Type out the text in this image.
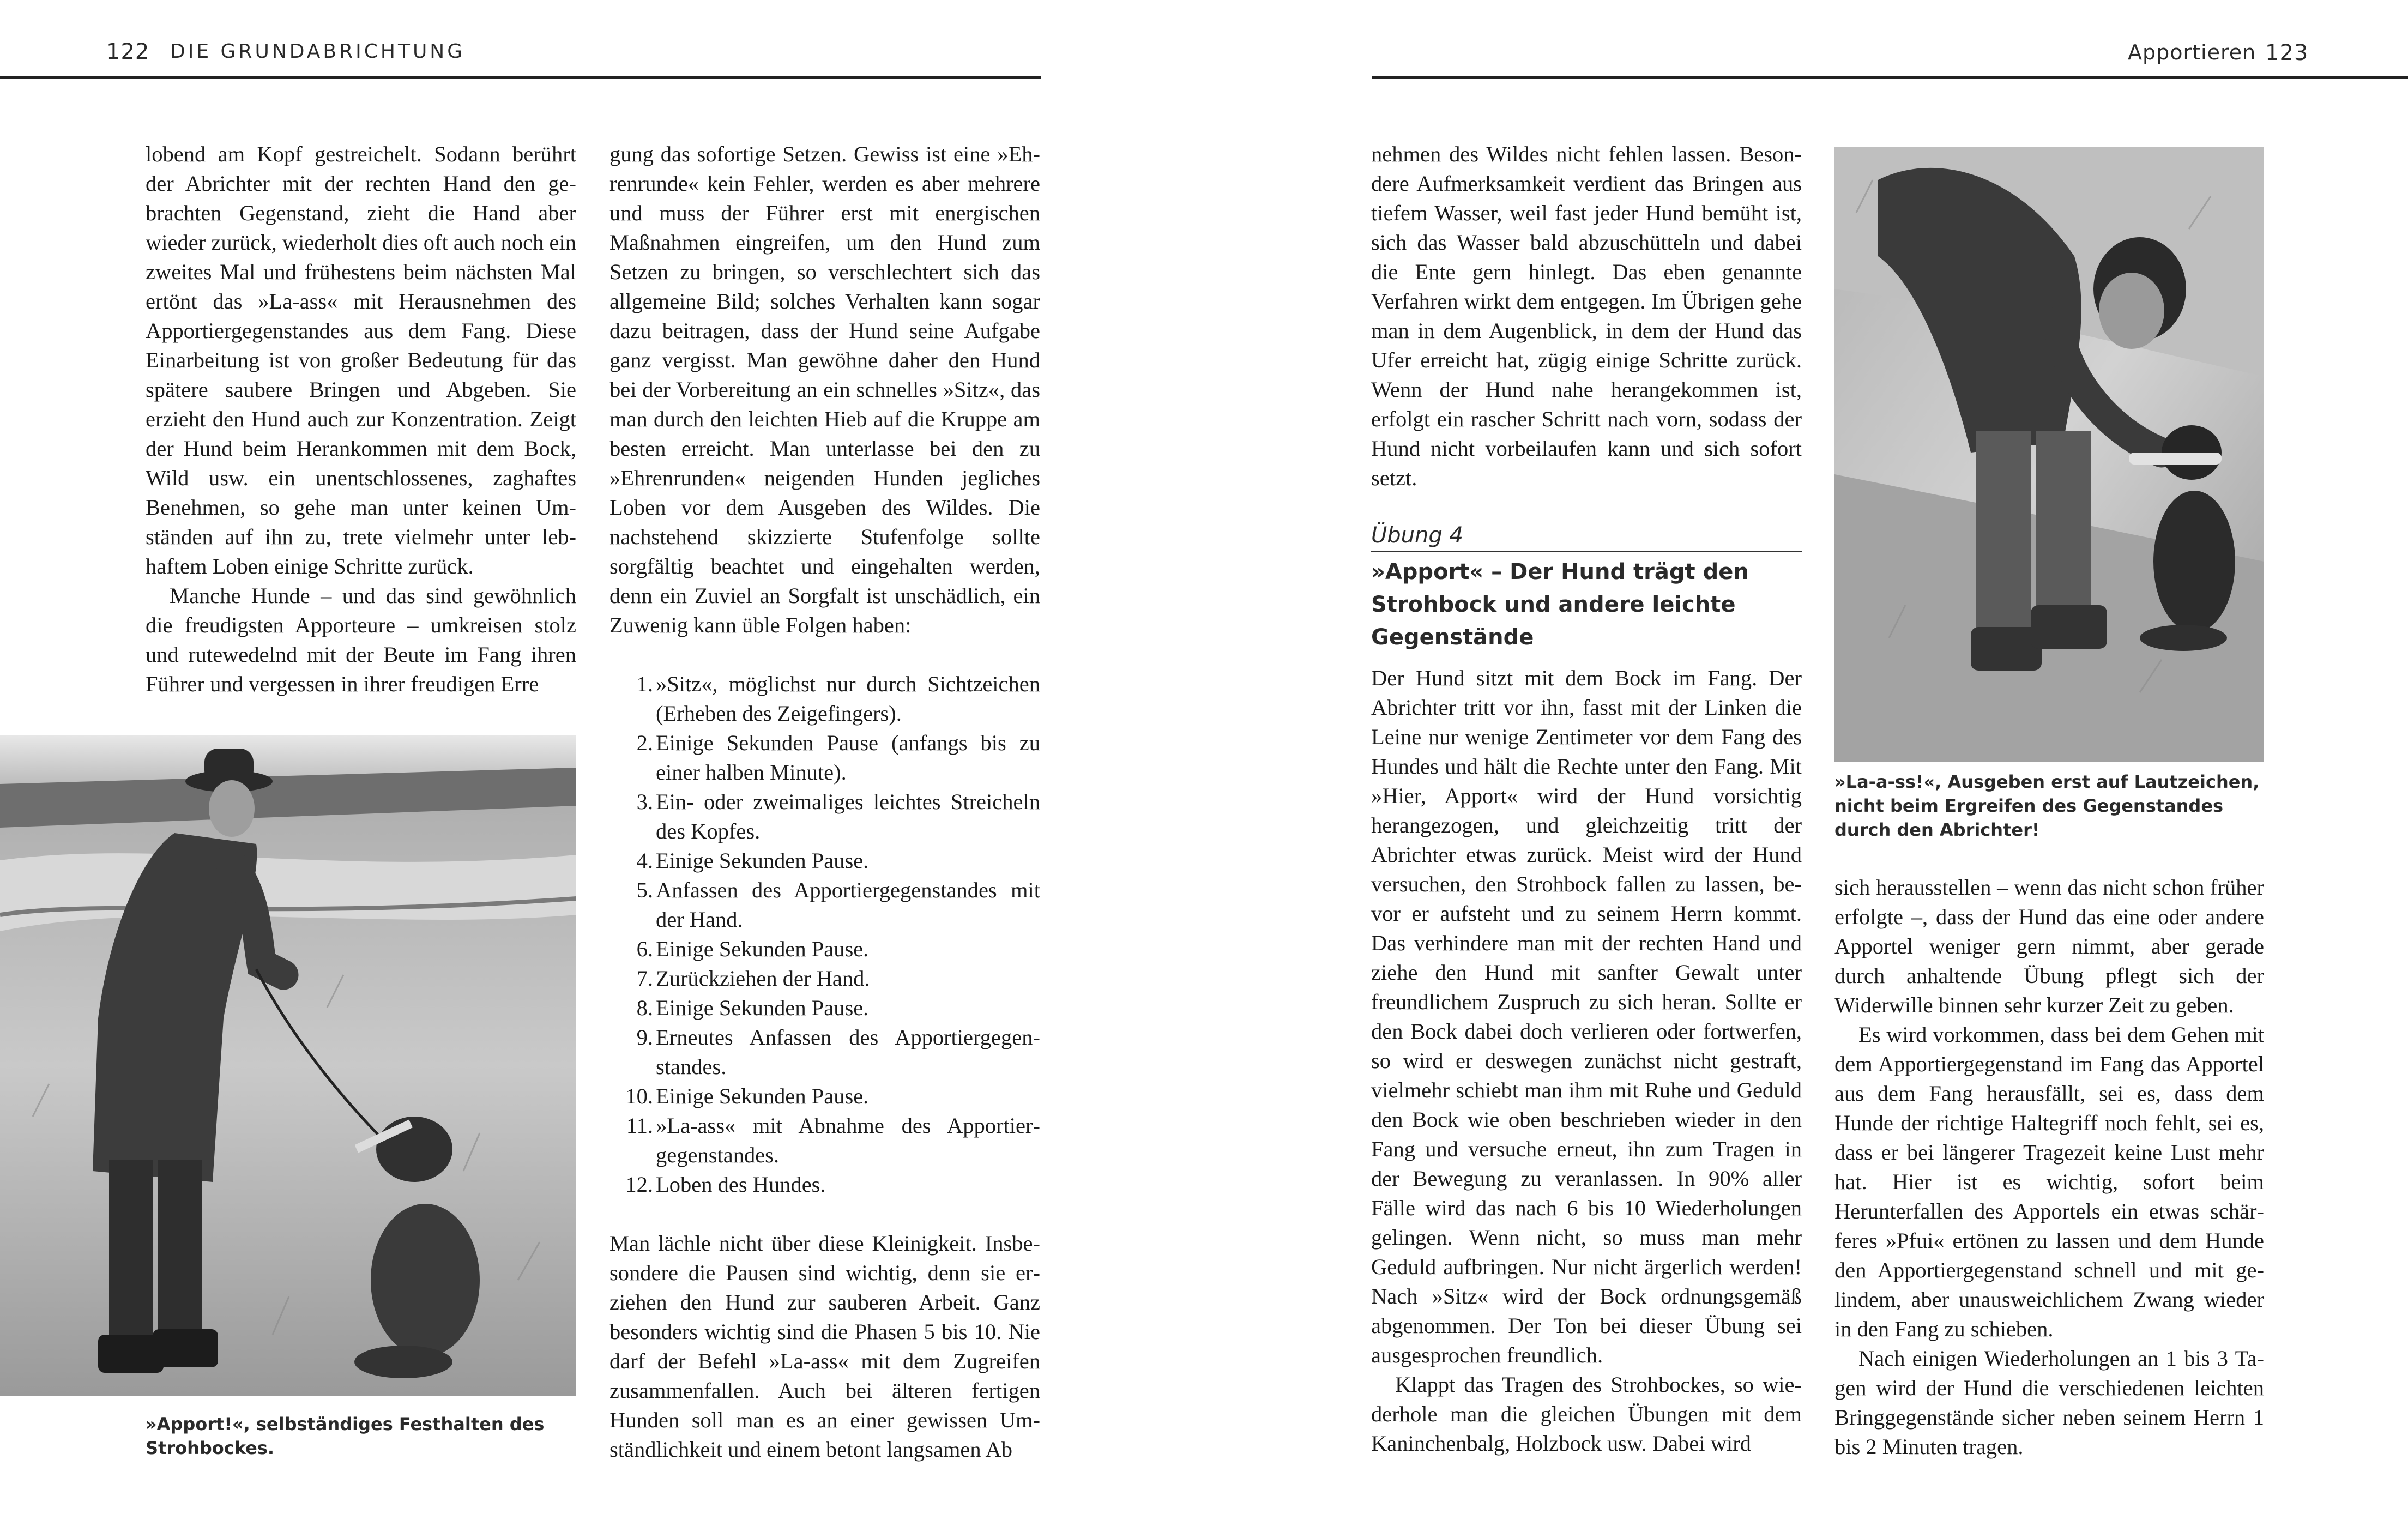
122 DIE GRUNDABRICHTUNG

lobend am Kopf gestreichelt. Sodann berührt der Abrichter mit der rechten Hand den gebrachten Gegenstand, zieht die Hand aber wieder zurück, wiederholt dies oft auch noch ein zweites Mal und frühestens beim nächsten Mal ertönt das »La-ass« mit Herausnehmen des Apportiergegenstandes aus dem Fang. Diese Einarbeitung ist von großer Bedeutung für das spätere saubere Bringen und Abgeben. Sie erzieht den Hund auch zur Konzentration. Zeigt der Hund beim Herankommen mit dem Bock, Wild usw. ein unentschlossenes, zaghaftes Benehmen, so gehe man unter keinen Umständen auf ihn zu, trete vielmehr unter lebhaftem Loben einige Schritte zurück.

Manche Hunde – und das sind gewöhnlich die freudigsten Apporteure – umkreisen stolz und rutewedelnd mit der Beute im Fang ihren Führer und vergessen in ihrer freudigen Erre

»Apport!«, selbständiges Festhalten des Strohbockes.

gung das sofortige Setzen. Gewiss ist eine »Ehrenrunde« kein Fehler, werden es aber mehrere und muss der Führer erst mit energischen Maßnahmen eingreifen, um den Hund zum Setzen zu bringen, so verschlechtert sich das allgemeine Bild; solches Verhalten kann sogar dazu beitragen, dass der Hund seine Aufgabe ganz vergisst. Man gewöhne daher den Hund bei der Vorbereitung an ein schnelles »Sitz«, das man durch den leichten Hieb auf die Kruppe am besten erreicht. Man unterlasse bei den zu »Ehrenrunden« neigenden Hunden jegliches Loben vor dem Ausgeben des Wildes. Die nachstehend skizzierte Stufenfolge sollte sorgfältig beachtet und eingehalten werden, denn ein Zuviel an Sorgfalt ist unschädlich, ein Zuwenig kann üble Folgen haben:

1. »Sitz«, möglichst nur durch Sichtzeichen (Erheben des Zeigefingers).
2. Einige Sekunden Pause (anfangs bis zu einer halben Minute).
3. Ein- oder zweimaliges leichtes Streicheln des Kopfes.
4. Einige Sekunden Pause.
5. Anfassen des Apportiergegenstandes mit der Hand.
6. Einige Sekunden Pause.
7. Zurückziehen der Hand.
8. Einige Sekunden Pause.
9. Erneutes Anfassen des Apportiergegenstandes.
10. Einige Sekunden Pause.
11. »La-ass« mit Abnahme des Apportiergegenstandes.
12. Loben des Hundes.

Man lächle nicht über diese Kleinigkeit. Insbesondere die Pausen sind wichtig, denn sie erziehen den Hund zur sauberen Arbeit. Ganz besonders wichtig sind die Phasen 5 bis 10. Nie darf der Befehl »La-ass« mit dem Zugreifen zusammenfallen. Auch bei älteren fertigen Hunden soll man es an einer gewissen Umständlichkeit und einem betont langsamen Ab

Apportieren 123

nehmen des Wildes nicht fehlen lassen. Besondere Aufmerksamkeit verdient das Bringen aus tiefem Wasser, weil fast jeder Hund bemüht ist, sich das Wasser bald abzuschütteln und dabei die Ente gern hinlegt. Das eben genannte Verfahren wirkt dem entgegen. Im Übrigen gehe man in dem Augenblick, in dem der Hund das Ufer erreicht hat, zügig einige Schritte zurück. Wenn der Hund nahe herangekommen ist, erfolgt ein rascher Schritt nach vorn, sodass der Hund nicht vorbeilaufen kann und sich sofort setzt.

Übung 4
»Apport« – Der Hund trägt den Strohbock und andere leichte Gegenstände

Der Hund sitzt mit dem Bock im Fang. Der Abrichter tritt vor ihn, fasst mit der Linken die Leine nur wenige Zentimeter vor dem Fang des Hundes und hält die Rechte unter den Fang. Mit »Hier, Apport« wird der Hund vorsichtig herangezogen, und gleichzeitig tritt der Abrichter etwas zurück. Meist wird der Hund versuchen, den Strohbock fallen zu lassen, bevor er aufsteht und zu seinem Herrn kommt. Das verhindere man mit der rechten Hand und ziehe den Hund mit sanfter Gewalt unter freundlichem Zuspruch zu sich heran. Sollte er den Bock dabei doch verlieren oder fortwerfen, so wird er deswegen zunächst nicht gestraft, vielmehr schiebt man ihm mit Ruhe und Geduld den Bock wie oben beschrieben wieder in den Fang und versuche erneut, ihn zum Tragen in der Bewegung zu veranlassen. In 90% aller Fälle wird das nach 6 bis 10 Wiederholungen gelingen. Wenn nicht, so muss man mehr Geduld aufbringen. Nur nicht ärgerlich werden! Nach »Sitz« wird der Bock ordnungsgemäß abgenommen. Der Ton bei dieser Übung sei ausgesprochen freundlich.

Klappt das Tragen des Strohbockes, so wiederhole man die gleichen Übungen mit dem Kaninchenbalg, Holzbock usw. Dabei wird

»La-a-ss!«, Ausgeben erst auf Lautzeichen, nicht beim Ergreifen des Gegenstandes durch den Abrichter!

sich herausstellen – wenn das nicht schon früher erfolgte –, dass der Hund das eine oder andere Apportel weniger gern nimmt, aber gerade durch anhaltende Übung pflegt sich der Widerwille binnen sehr kurzer Zeit zu geben.

Es wird vorkommen, dass bei dem Gehen mit dem Apportiergegenstand im Fang das Apportel aus dem Fang herausfällt, sei es, dass dem Hunde der richtige Haltegriff noch fehlt, sei es, dass er bei längerer Tragezeit keine Lust mehr hat. Hier ist es wichtig, sofort beim Herunterfallen des Apportels ein etwas schärferes »Pfui« ertönen zu lassen und dem Hunde den Apportiergegenstand schnell und mit gelindem, aber unausweichlichem Zwang wieder in den Fang zu schieben.

Nach einigen Wiederholungen an 1 bis 3 Tagen wird der Hund die verschiedenen leichten Bringgegenstände sicher neben seinem Herrn 1 bis 2 Minuten tragen.
